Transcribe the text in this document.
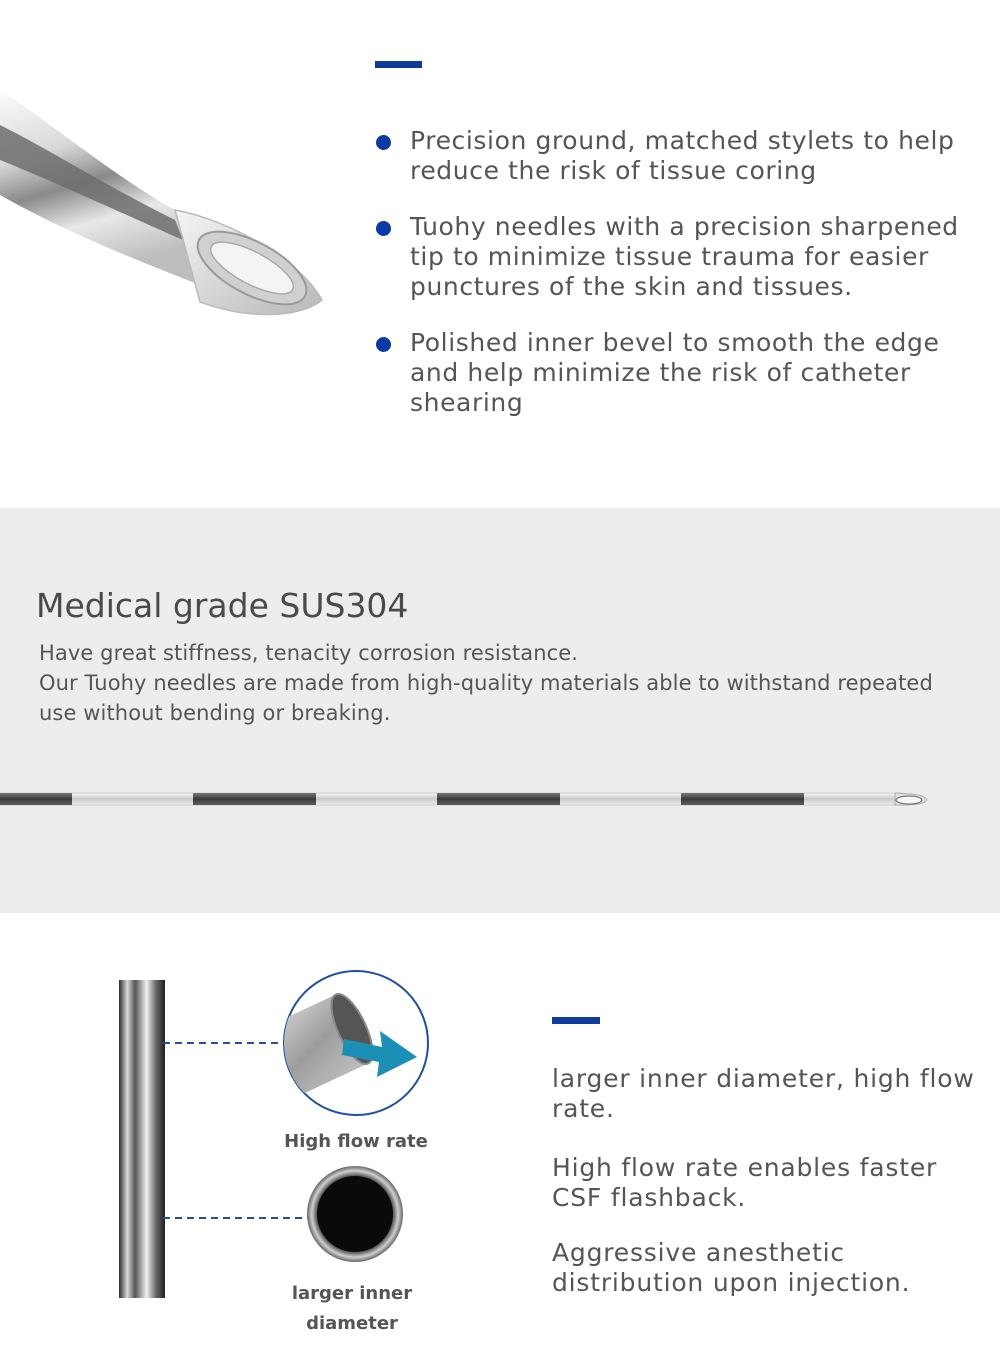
Precision ground, matched stylets to help reduce the risk of tissue coring
Tuohy needles with a precision sharpened tip to minimize tissue trauma for easier punctures of the skin and tissues.
Polished inner bevel to smooth the edge and help minimize the risk of catheter shearing
Medical grade SUS304
Have great stiffness, tenacity corrosion resistance.
Our Tuohy needles are made from high-quality materials able to withstand repeated use without bending or breaking.
High flow rate
larger inner
diameter
larger inner diameter, high flow rate.
High flow rate enables faster CSF flashback.
Aggressive anesthetic distribution upon injection.
